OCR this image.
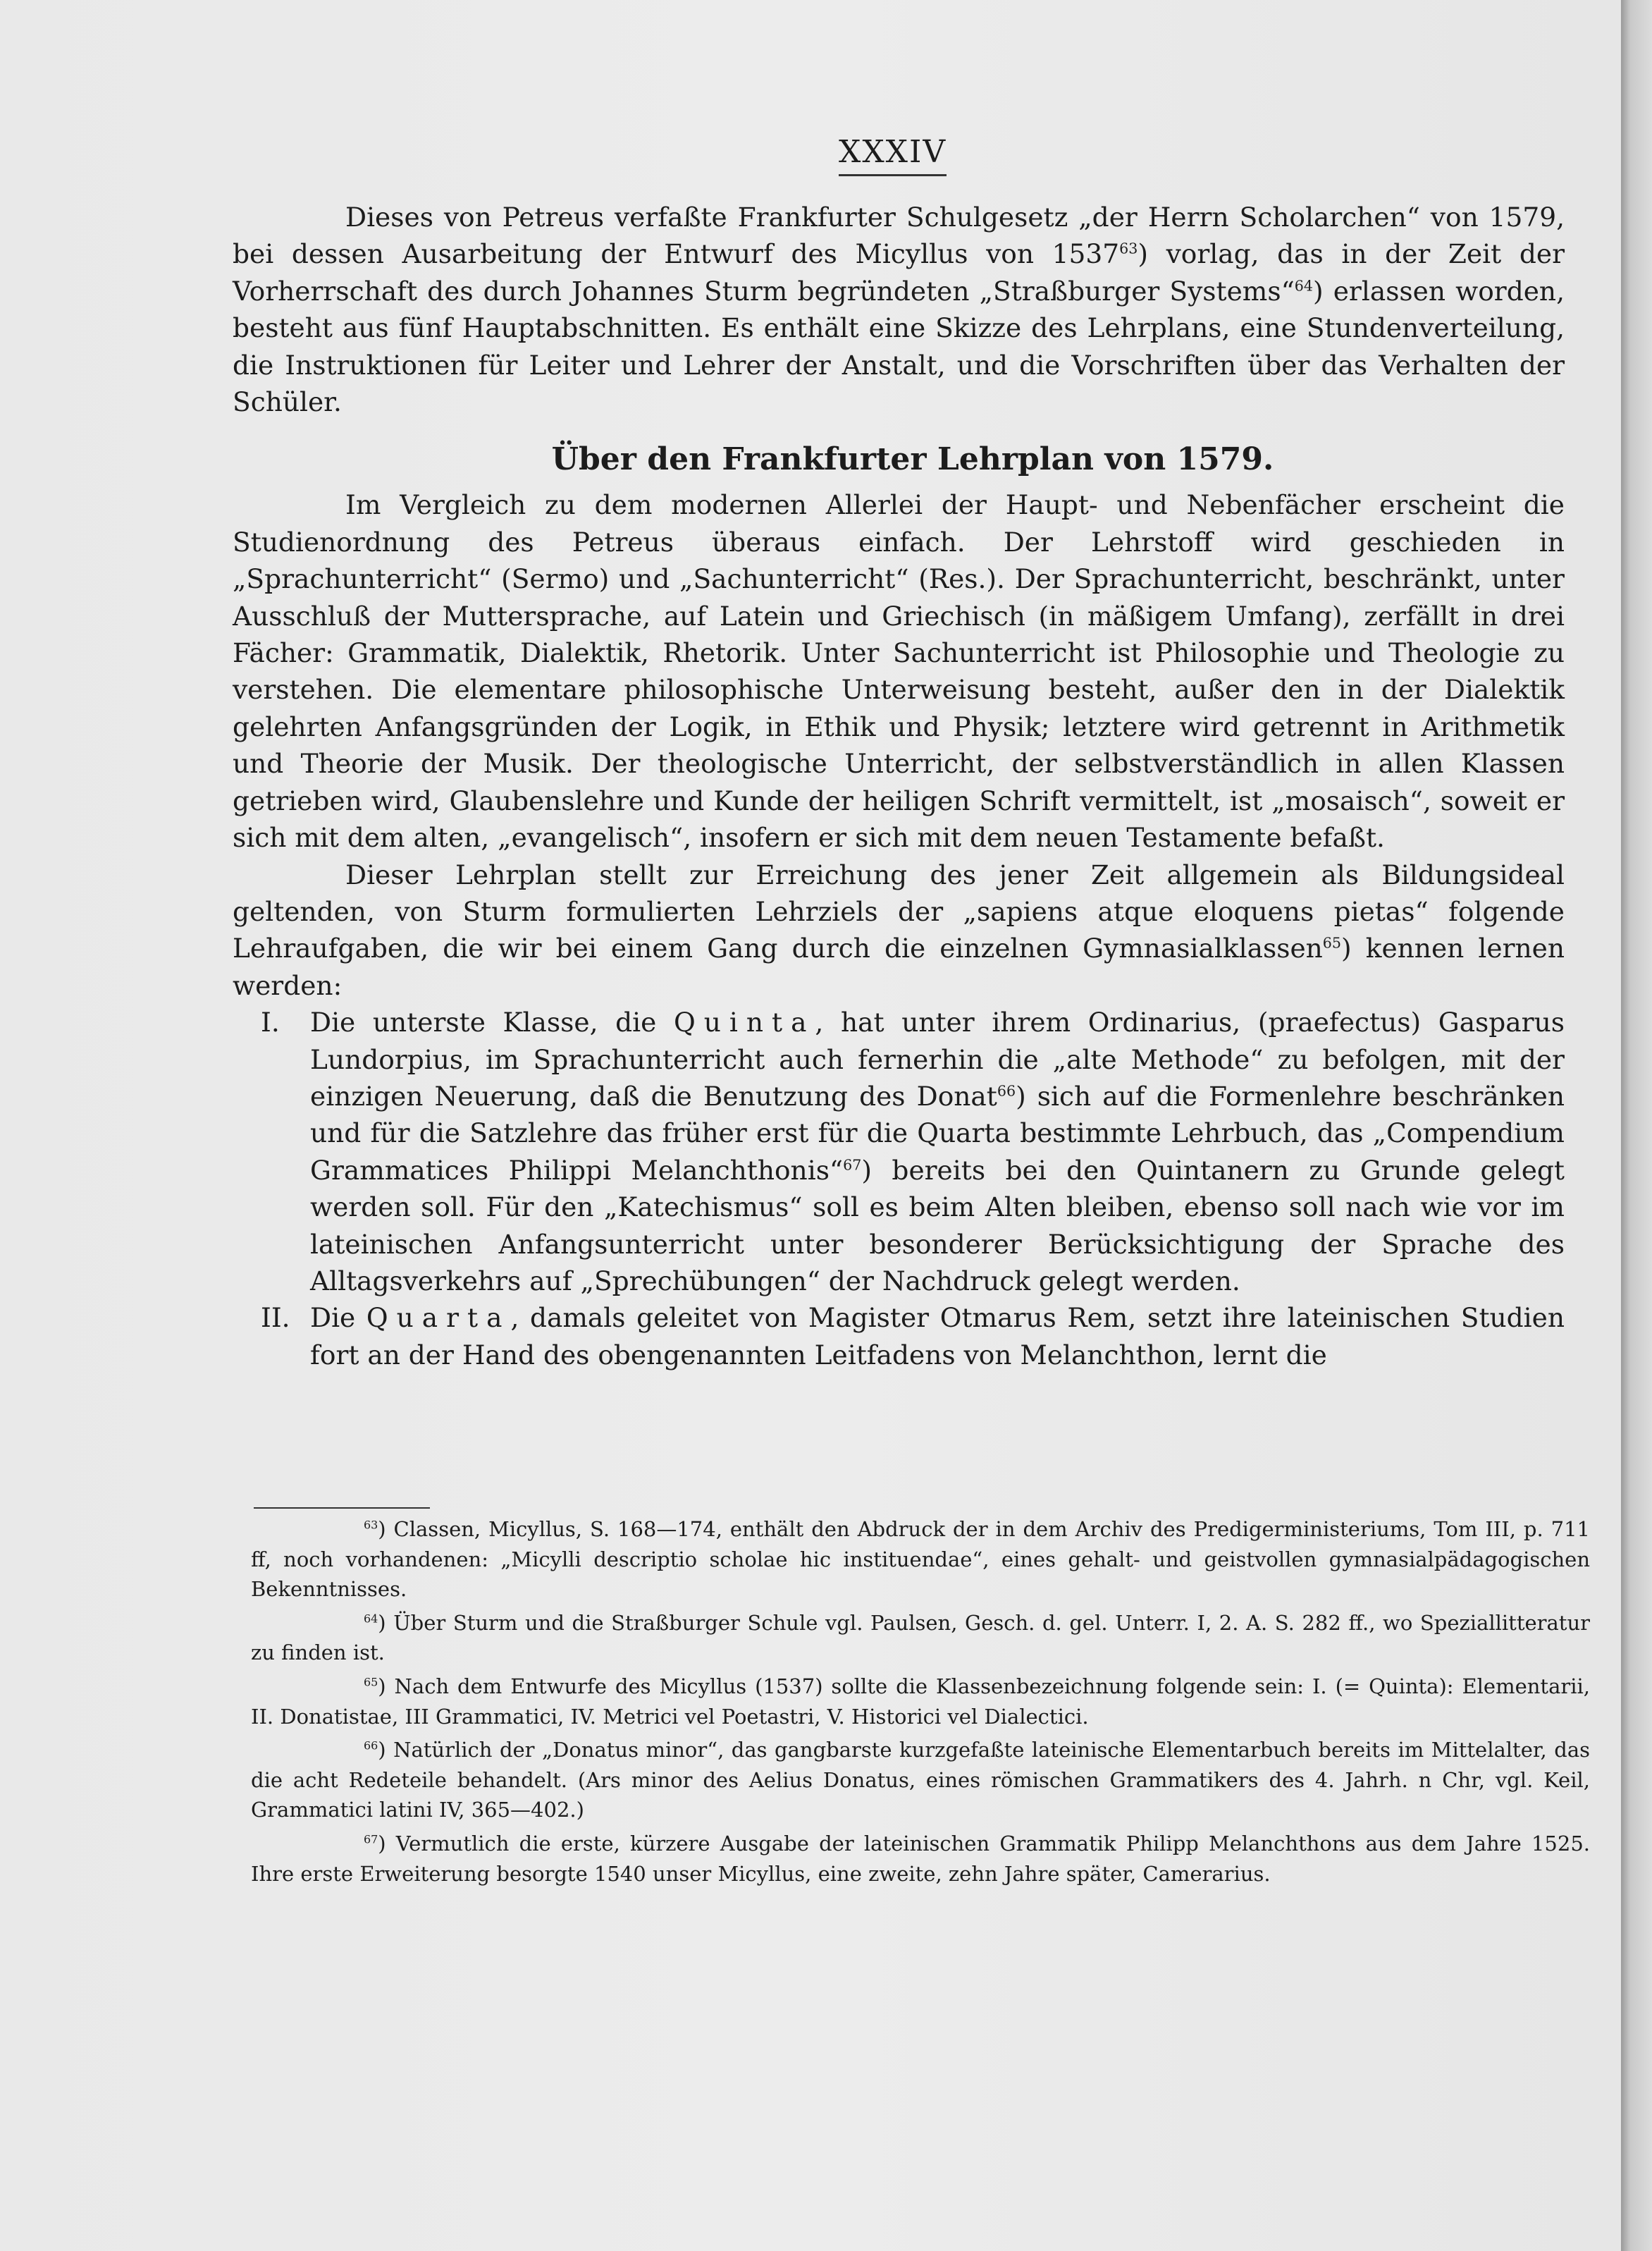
XXXIV

Dieses von Petreus verfaßte Frankfurter Schulgesetz „der Herrn Scholarchen“ von 1579, bei dessen Ausarbeitung der Entwurf des Micyllus von 1537$^{63}$) vorlag, das in der Zeit der Vorherrschaft des durch Johannes Sturm begründeten „Straßburger Systems“$^{64}$) erlassen worden, besteht aus fünf Hauptabschnitten. Es enthält eine Skizze des Lehrplans, eine Stundenverteilung, die Instruktionen für Leiter und Lehrer der Anstalt, und die Vorschriften über das Verhalten der Schüler.

Über den Frankfurter Lehrplan von 1579.

Im Vergleich zu dem modernen Allerlei der Haupt- und Nebenfächer erscheint die Studienordnung des Petreus überaus einfach. Der Lehrstoff wird geschieden in „Sprachunterricht“ (Sermo) und „Sachunterricht“ (Res.). Der Sprachunterricht, beschränkt, unter Ausschluß der Muttersprache, auf Latein und Griechisch (in mäßigem Umfang), zerfällt in drei Fächer: Grammatik, Dialektik, Rhetorik. Unter Sachunterricht ist Philosophie und Theologie zu verstehen. Die elementare philosophische Unterweisung besteht, außer den in der Dialektik gelehrten Anfangsgründen der Logik, in Ethik und Physik; letztere wird getrennt in Arithmetik und Theorie der Musik. Der theologische Unterricht, der selbstverständlich in allen Klassen getrieben wird, Glaubenslehre und Kunde der heiligen Schrift vermittelt, ist „mosaisch“, soweit er sich mit dem alten, „evangelisch“, insofern er sich mit dem neuen Testamente befaßt.

Dieser Lehrplan stellt zur Erreichung des jener Zeit allgemein als Bildungsideal geltenden, von Sturm formulierten Lehrziels der „sapiens atque eloquens pietas“ folgende Lehraufgaben, die wir bei einem Gang durch die einzelnen Gymnasialklassen$^{65}$) kennen lernen werden:

I. Die unterste Klasse, die Quinta, hat unter ihrem Ordinarius, (praefectus) Gasparus Lundorpius, im Sprachunterricht auch fernerhin die „alte Methode“ zu befolgen, mit der einzigen Neuerung, daß die Benutzung des Donat$^{66}$) sich auf die Formenlehre beschränken und für die Satzlehre das früher erst für die Quarta bestimmte Lehrbuch, das „Compendium Grammatices Philippi Melanchthonis“$^{67}$) bereits bei den Quintanern zu Grunde gelegt werden soll. Für den „Katechismus“ soll es beim Alten bleiben, ebenso soll nach wie vor im lateinischen Anfangsunterricht unter besonderer Berücksichtigung der Sprache des Alltagsverkehrs auf „Sprechübungen“ der Nachdruck gelegt werden.
II. Die Quarta, damals geleitet von Magister Otmarus Rem, setzt ihre lateinischen Studien fort an der Hand des obengenannten Leitfadens von Melanchthon, lernt die

$^{63}$) Classen, Micyllus, S. 168—174, enthält den Abdruck der in dem Archiv des Predigerministeriums, Tom III, p. 711 ff, noch vorhandenen: „Micylli descriptio scholae hic instituendae“, eines gehalt- und geistvollen gymnasialpädagogischen Bekenntnisses.

$^{64}$) Über Sturm und die Straßburger Schule vgl. Paulsen, Gesch. d. gel. Unterr. I, 2. A. S. 282 ff., wo Speziallitteratur zu finden ist.

$^{65}$) Nach dem Entwurfe des Micyllus (1537) sollte die Klassenbezeichnung folgende sein: I. (= Quinta): Elementarii, II. Donatistae, III Grammatici, IV. Metrici vel Poetastri, V. Historici vel Dialectici.

$^{66}$) Natürlich der „Donatus minor“, das gangbarste kurzgefaßte lateinische Elementarbuch bereits im Mittelalter, das die acht Redeteile behandelt. (Ars minor des Aelius Donatus, eines römischen Grammatikers des 4. Jahrh. n Chr, vgl. Keil, Grammatici latini IV, 365—402.)

$^{67}$) Vermutlich die erste, kürzere Ausgabe der lateinischen Grammatik Philipp Melanchthons aus dem Jahre 1525. Ihre erste Erweiterung besorgte 1540 unser Micyllus, eine zweite, zehn Jahre später, Camerarius.
